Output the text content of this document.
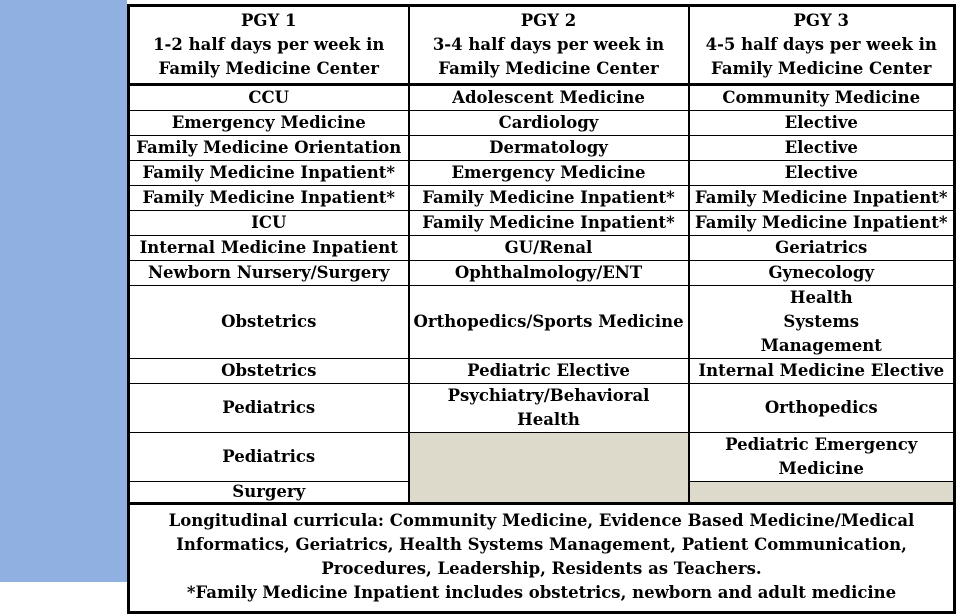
PGY 1
1-2 half days per week in
Family Medicine Center	PGY 2
3-4 half days per week in
Family Medicine Center	PGY 3
4-5 half days per week in
Family Medicine Center

CCU	Adolescent Medicine	Community Medicine
Emergency Medicine	Cardiology	Elective
Family Medicine Orientation	Dermatology	Elective
Family Medicine Inpatient*	Emergency Medicine	Elective
Family Medicine Inpatient*	Family Medicine Inpatient*	Family Medicine Inpatient*
ICU	Family Medicine Inpatient*	Family Medicine Inpatient*
Internal Medicine Inpatient	GU/Renal	Geriatrics
Newborn Nursery/Surgery	Ophthalmology/ENT	Gynecology
Obstetrics	Orthopedics/Sports Medicine	Health Systems Management
Obstetrics	Pediatric Elective	Internal Medicine Elective
Pediatrics	Psychiatry/Behavioral Health	Orthopedics
Pediatrics		Pediatric Emergency Medicine
Surgery		

Longitudinal curricula: Community Medicine, Evidence Based Medicine/Medical Informatics, Geriatrics, Health Systems Management, Patient Communication, Procedures, Leadership, Residents as Teachers.
*Family Medicine Inpatient includes obstetrics, newborn and adult medicine		
